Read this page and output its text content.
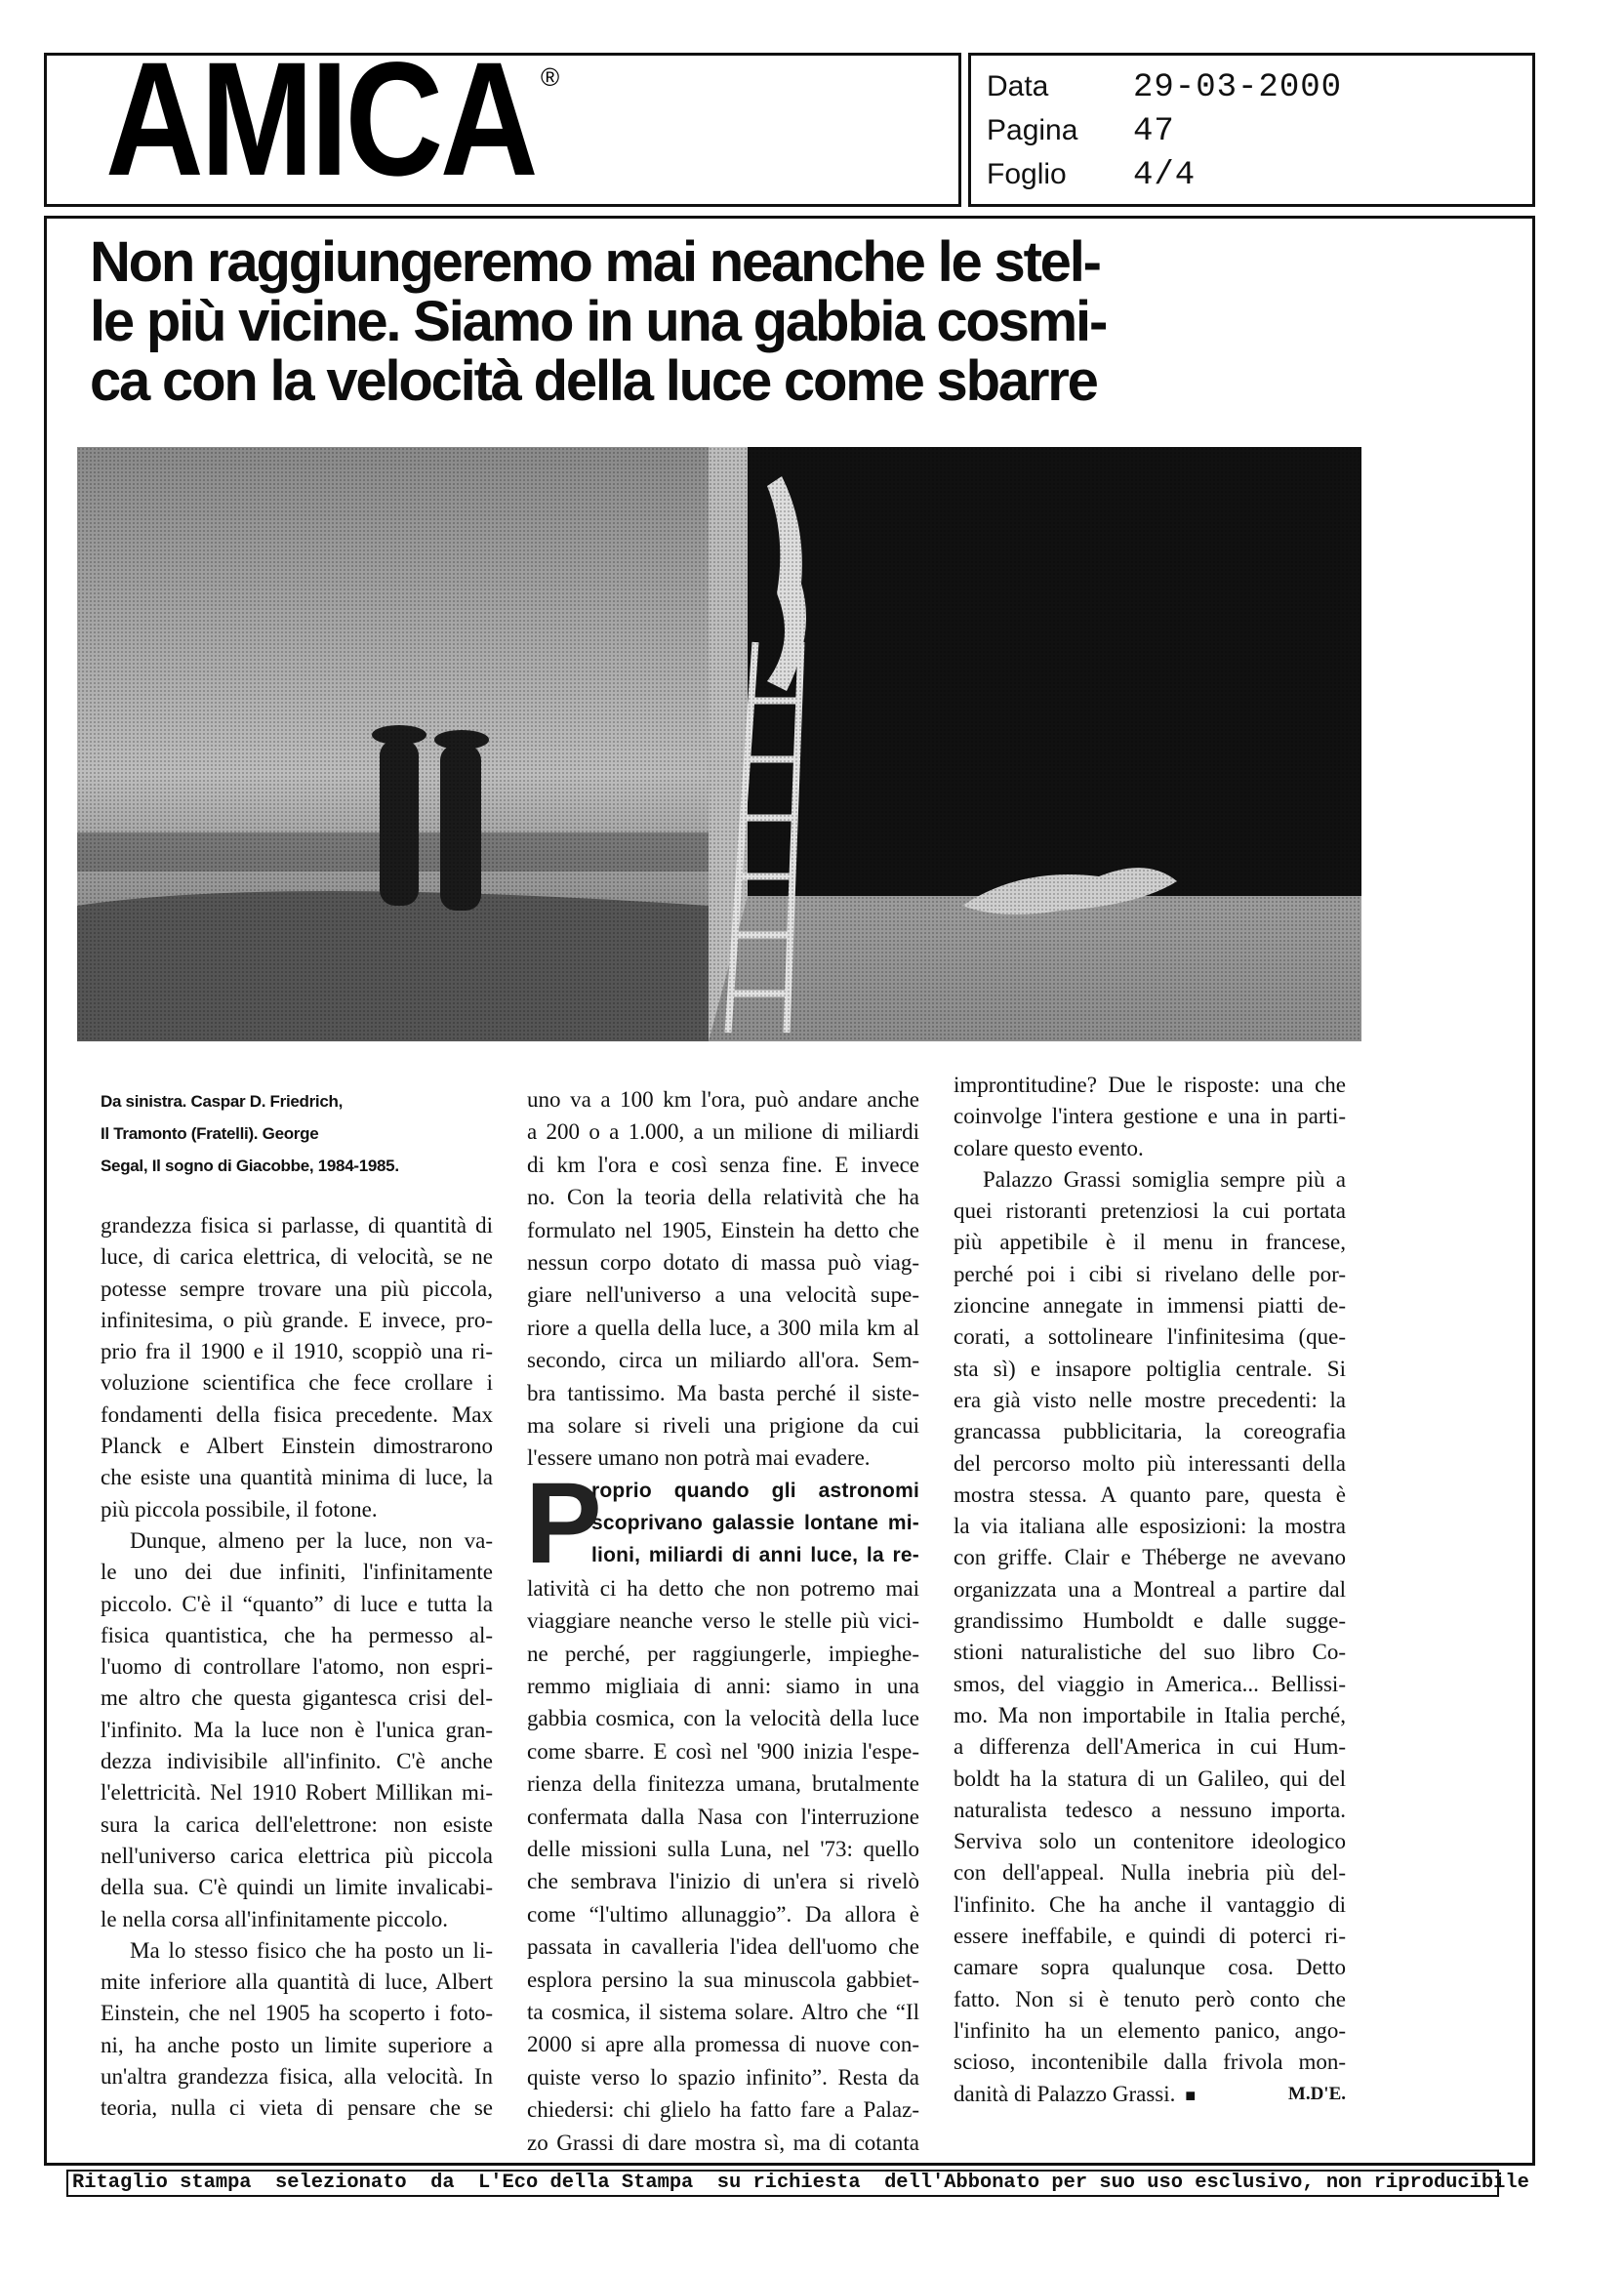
AMICA ®	Data	29-03-2000
Pagina 47
Foglio 4/4
Non raggiungeremo mai neanche le stel-
le più vicine. Siamo in una gabbia cosmi-
ca con la velocità della luce come sbarre
Da sinistra. Caspar D. Friedrich,
Il Tramonto (Fratelli). George
Segal, Il sogno di Giacobbe, 1984-1985.
grandezza fisica si parlasse, di quantità di
luce, di carica elettrica, di velocità, se ne
potesse sempre trovare una più piccola,
infinitesima, o più grande. E invece, pro-
prio fra il 1900 e il 1910, scoppiò una ri-
voluzione scientifica che fece crollare i
fondamenti della fisica precedente. Max
Planck e Albert Einstein dimostrarono
che esiste una quantità minima di luce, la
più piccola possibile, il fotone.
Dunque, almeno per la luce, non va-
le uno dei due infiniti, l'infinitamente
piccolo. C'è il “quanto” di luce e tutta la
fisica quantistica, che ha permesso al-
l'uomo di controllare l'atomo, non espri-
me altro che questa gigantesca crisi del-
l'infinito. Ma la luce non è l'unica gran-
dezza indivisibile all'infinito. C'è anche
l'elettricità. Nel 1910 Robert Millikan mi-
sura la carica dell'elettrone: non esiste
nell'universo carica elettrica più piccola
della sua. C'è quindi un limite invalicabi-
le nella corsa all'infinitamente piccolo.
Ma lo stesso fisico che ha posto un li-
mite inferiore alla quantità di luce, Albert
Einstein, che nel 1905 ha scoperto i foto-
ni, ha anche posto un limite superiore a
un'altra grandezza fisica, alla velocità. In
teoria, nulla ci vieta di pensare che se
uno va a 100 km l'ora, può andare anche
a 200 o a 1.000, a un milione di miliardi
di km l'ora e così senza fine. E invece
no. Con la teoria della relatività che ha
formulato nel 1905, Einstein ha detto che
nessun corpo dotato di massa può viag-
giare nell'universo a una velocità supe-
riore a quella della luce, a 300 mila km al
secondo, circa un miliardo all'ora. Sem-
bra tantissimo. Ma basta perché il siste-
ma solare si riveli una prigione da cui
l'essere umano non potrà mai evadere.
P
roprio quando gli astronomi
scoprivano galassie lontane mi-
lioni, miliardi di anni luce, la re-
latività ci ha detto che non potremo mai
viaggiare neanche verso le stelle più vici-
ne perché, per raggiungerle, impieghe-
remmo migliaia di anni: siamo in una
gabbia cosmica, con la velocità della luce
come sbarre. E così nel '900 inizia l'espe-
rienza della finitezza umana, brutalmente
confermata dalla Nasa con l'interruzione
delle missioni sulla Luna, nel '73: quello
che sembrava l'inizio di un'era si rivelò
come “l'ultimo allunaggio”. Da allora è
passata in cavalleria l'idea dell'uomo che
esplora persino la sua minuscola gabbiet-
ta cosmica, il sistema solare. Altro che “Il
2000 si apre alla promessa di nuove con-
quiste verso lo spazio infinito”. Resta da
chiedersi: chi glielo ha fatto fare a Palaz-
zo Grassi di dare mostra sì, ma di cotanta
improntitudine? Due le risposte: una che
coinvolge l'intera gestione e una in parti-
colare questo evento.
Palazzo Grassi somiglia sempre più a
quei ristoranti pretenziosi la cui portata
più appetibile è il menu in francese,
perché poi i cibi si rivelano delle por-
zioncine annegate in immensi piatti de-
corati, a sottolineare l'infinitesima (que-
sta sì) e insapore poltiglia centrale. Si
era già visto nelle mostre precedenti: la
grancassa pubblicitaria, la coreografia
del percorso molto più interessanti della
mostra stessa. A quanto pare, questa è
la via italiana alle esposizioni: la mostra
con griffe. Clair e Théberge ne avevano
organizzata una a Montreal a partire dal
grandissimo Humboldt e dalle sugge-
stioni naturalistiche del suo libro Co-
smos, del viaggio in America... Bellissi-
mo. Ma non importabile in Italia perché,
a differenza dell'America in cui Hum-
boldt ha la statura di un Galileo, qui del
naturalista tedesco a nessuno importa.
Serviva solo un contenitore ideologico
con dell'appeal. Nulla inebria più del-
l'infinito. Che ha anche il vantaggio di
essere ineffabile, e quindi di poterci ri-
camare sopra qualunque cosa. Detto
fatto. Non si è tenuto però conto che
l'infinito ha un elemento panico, ango-
scioso, incontenibile dalla frivola mon-
danità di Palazzo Grassi. ■	M.D'E.
Ritaglio stampa  selezionato  da  L'Eco della Stampa  su richiesta  dell'Abbonato per suo uso esclusivo, non riproducibile
